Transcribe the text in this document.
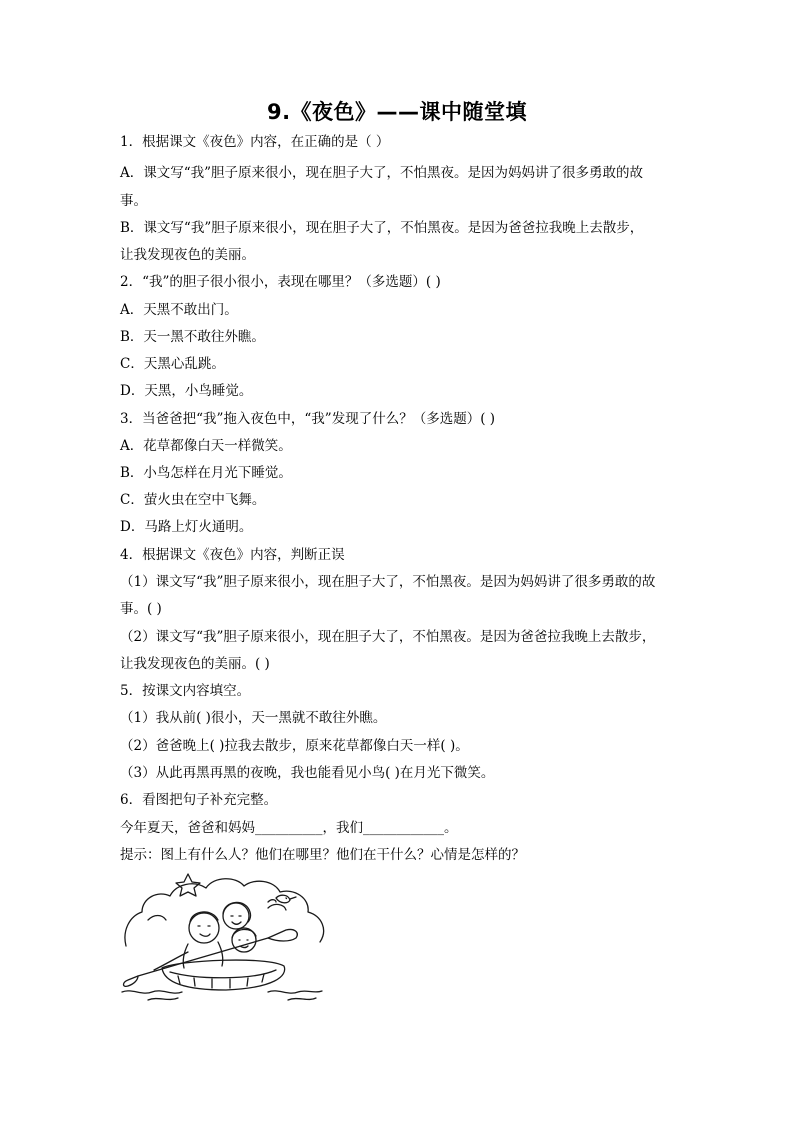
9.《夜色》——课中随堂填
1．根据课文《夜色》内容，在正确的是（ ）
A．课文写“我”胆子原来很小，现在胆子大了，不怕黑夜。是因为妈妈讲了很多勇敢的故
事。
B．课文写“我”胆子原来很小，现在胆子大了，不怕黑夜。是因为爸爸拉我晚上去散步，
让我发现夜色的美丽。
2．“我”的胆子很小很小，表现在哪里？（多选题）( )
A．天黑不敢出门。
B．天一黑不敢往外瞧。
C．天黑心乱跳。
D．天黑，小鸟睡觉。
3．当爸爸把“我”拖入夜色中，“我”发现了什么？（多选题）( )
A．花草都像白天一样微笑。
B．小鸟怎样在月光下睡觉。
C．萤火虫在空中飞舞。
D．马路上灯火通明。
4．根据课文《夜色》内容，判断正误
（1）课文写“我”胆子原来很小，现在胆子大了，不怕黑夜。是因为妈妈讲了很多勇敢的故
事。( )
（2）课文写“我”胆子原来很小，现在胆子大了，不怕黑夜。是因为爸爸拉我晚上去散步，
让我发现夜色的美丽。( )
5．按课文内容填空。
（1）我从前( )很小，天一黑就不敢往外瞧。
（2）爸爸晚上( )拉我去散步，原来花草都像白天一样( )。
（3）从此再黑再黑的夜晚，我也能看见小鸟( )在月光下微笑。
6．看图把句子补充完整。
今年夏天，爸爸和妈妈__________，我们____________。
提示：图上有什么人？他们在哪里？他们在干什么？心情是怎样的？
